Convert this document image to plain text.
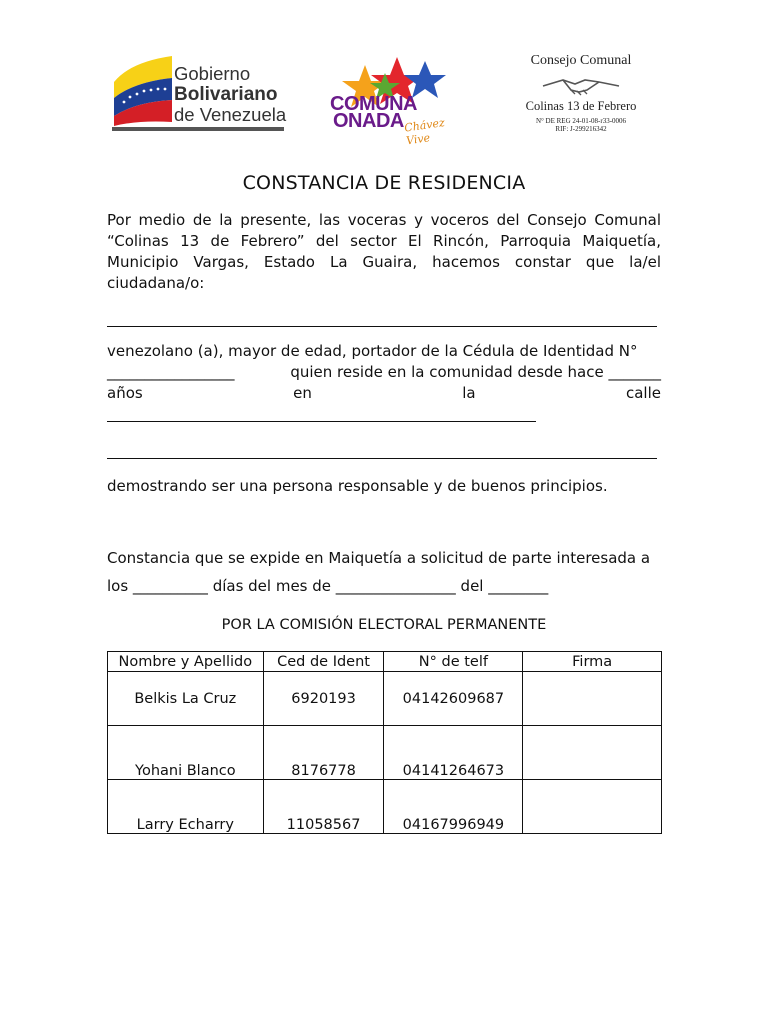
Gobierno
Bolivariano
de Venezuela COMUNA
ONADA Chávez Vive
Consejo Comunal
Colinas 13 de Febrero
N° DE REG 24-01-08-r33-0006
RIF: J-299216342
CONSTANCIA DE RESIDENCIA
Por medio de la presente, las voceras y voceros del Consejo Comunal “Colinas 13 de Febrero” del sector El Rincón, Parroquia Maiquetía, Municipio Vargas, Estado La Guaira, hacemos constar que la/el ciudadana/o:
venezolano (a), mayor de edad, portador de la Cédula de Identidad N°
_________________	quien reside en la comunidad desde hace _______
años	en	la	calle
demostrando ser una persona responsable y de buenos principios.
Constancia que se expide en Maiquetía a solicitud de parte interesada a
los __________ días del mes de ________________ del ________
POR LA COMISIÓN ELECTORAL PERMANENTE
Nombre y Apellido	Ced de Ident	N° de telf	Firma
Belkis La Cruz	6920193	04142609687	
Yohani Blanco	8176778	04141264673	
Larry Echarry	11058567	04167996949	
